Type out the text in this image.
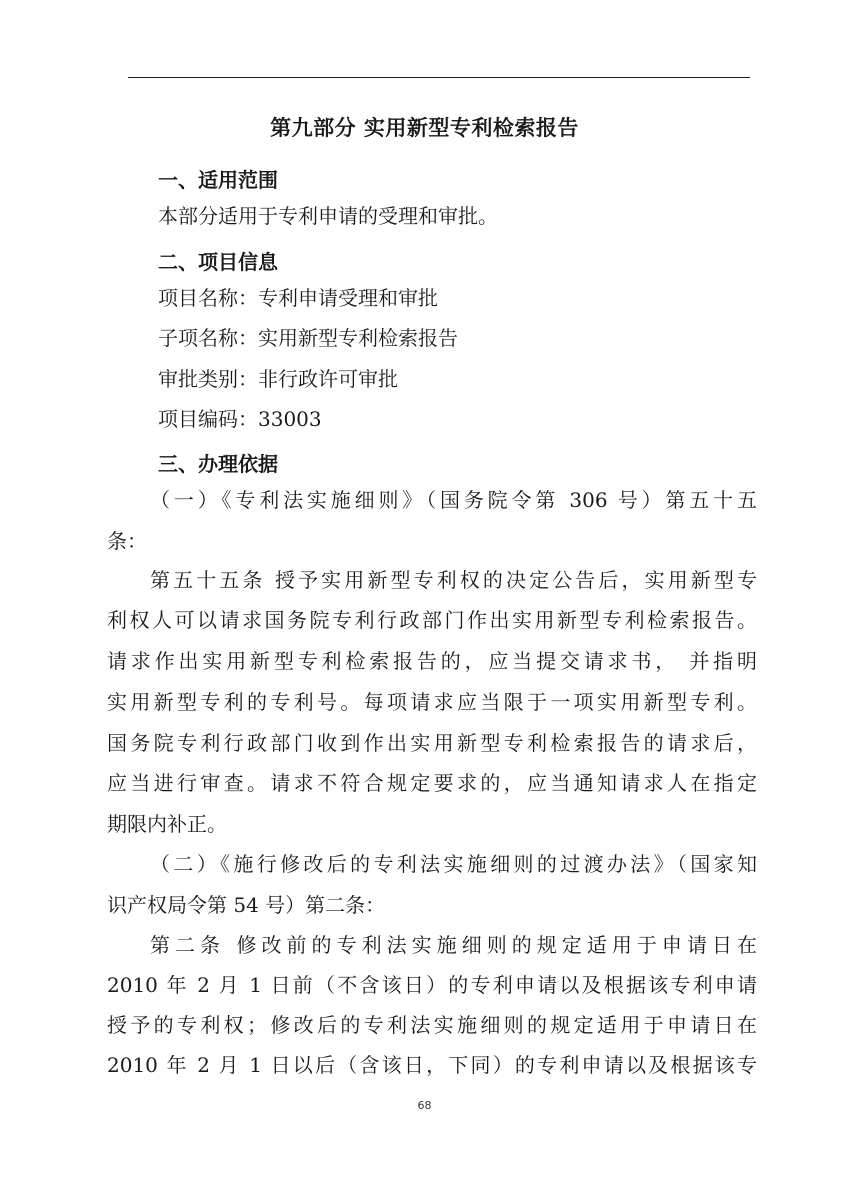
第九部分 实用新型专利检索报告
一、适用范围
本部分适用于专利申请的受理和审批。
二、项目信息
项目名称：专利申请受理和审批
子项名称：实用新型专利检索报告
审批类别：非行政许可审批
项目编码：33003
三、办理依据
（一）《专利法实施细则》（国务院令第 306 号）第五十五
条：
第五十五条 授予实用新型专利权的决定公告后，实用新型专
利权人可以请求国务院专利行政部门作出实用新型专利检索报告。
请求作出实用新型专利检索报告的，应当提交请求书， 并指明
实用新型专利的专利号。每项请求应当限于一项实用新型专利。
国务院专利行政部门收到作出实用新型专利检索报告的请求后，
应当进行审查。请求不符合规定要求的，应当通知请求人在指定
期限内补正。
（二）《施行修改后的专利法实施细则的过渡办法》（国家知
识产权局令第 54 号）第二条：
第二条 修改前的专利法实施细则的规定适用于申请日在
2010 年 2 月 1 日前（不含该日）的专利申请以及根据该专利申请
授予的专利权；修改后的专利法实施细则的规定适用于申请日在
2010 年 2 月 1 日以后（含该日，下同）的专利申请以及根据该专
68
